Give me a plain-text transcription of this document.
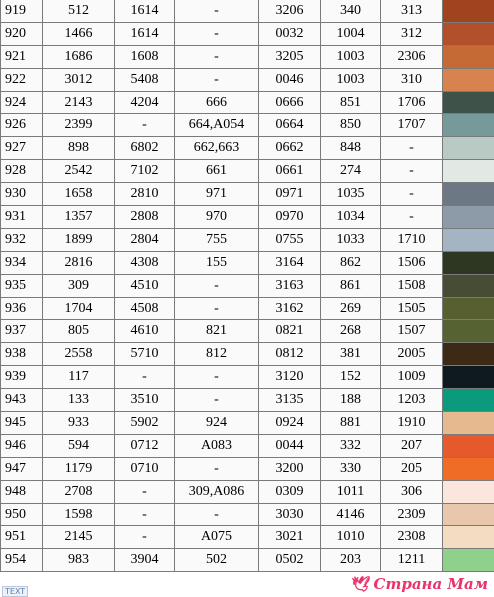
919	512	1614	-	3206	340	313	
920	1466	1614	-	0032	1004	312	
921	1686	1608	-	3205	1003	2306	
922	3012	5408	-	0046	1003	310	
924	2143	4204	666	0666	851	1706	
926	2399	-	664,A054	0664	850	1707	
927	898	6802	662,663	0662	848	-	
928	2542	7102	661	0661	274	-	
930	1658	2810	971	0971	1035	-	
931	1357	2808	970	0970	1034	-	
932	1899	2804	755	0755	1033	1710	
934	2816	4308	155	3164	862	1506	
935	309	4510	-	3163	861	1508	
936	1704	4508	-	3162	269	1505	
937	805	4610	821	0821	268	1507	
938	2558	5710	812	0812	381	2005	
939	117	-	-	3120	152	1009	
943	133	3510	-	3135	188	1203	
945	933	5902	924	0924	881	1910	
946	594	0712	A083	0044	332	207	
947	1179	0710	-	3200	330	205	
948	2708	-	309,A086	0309	1011	306	
950	1598	-	-	3030	4146	2309	
951	2145	-	A075	3021	1010	2308	
954	983	3904	502	0502	203	1211	
🕊 Страна Мам
TEXT
